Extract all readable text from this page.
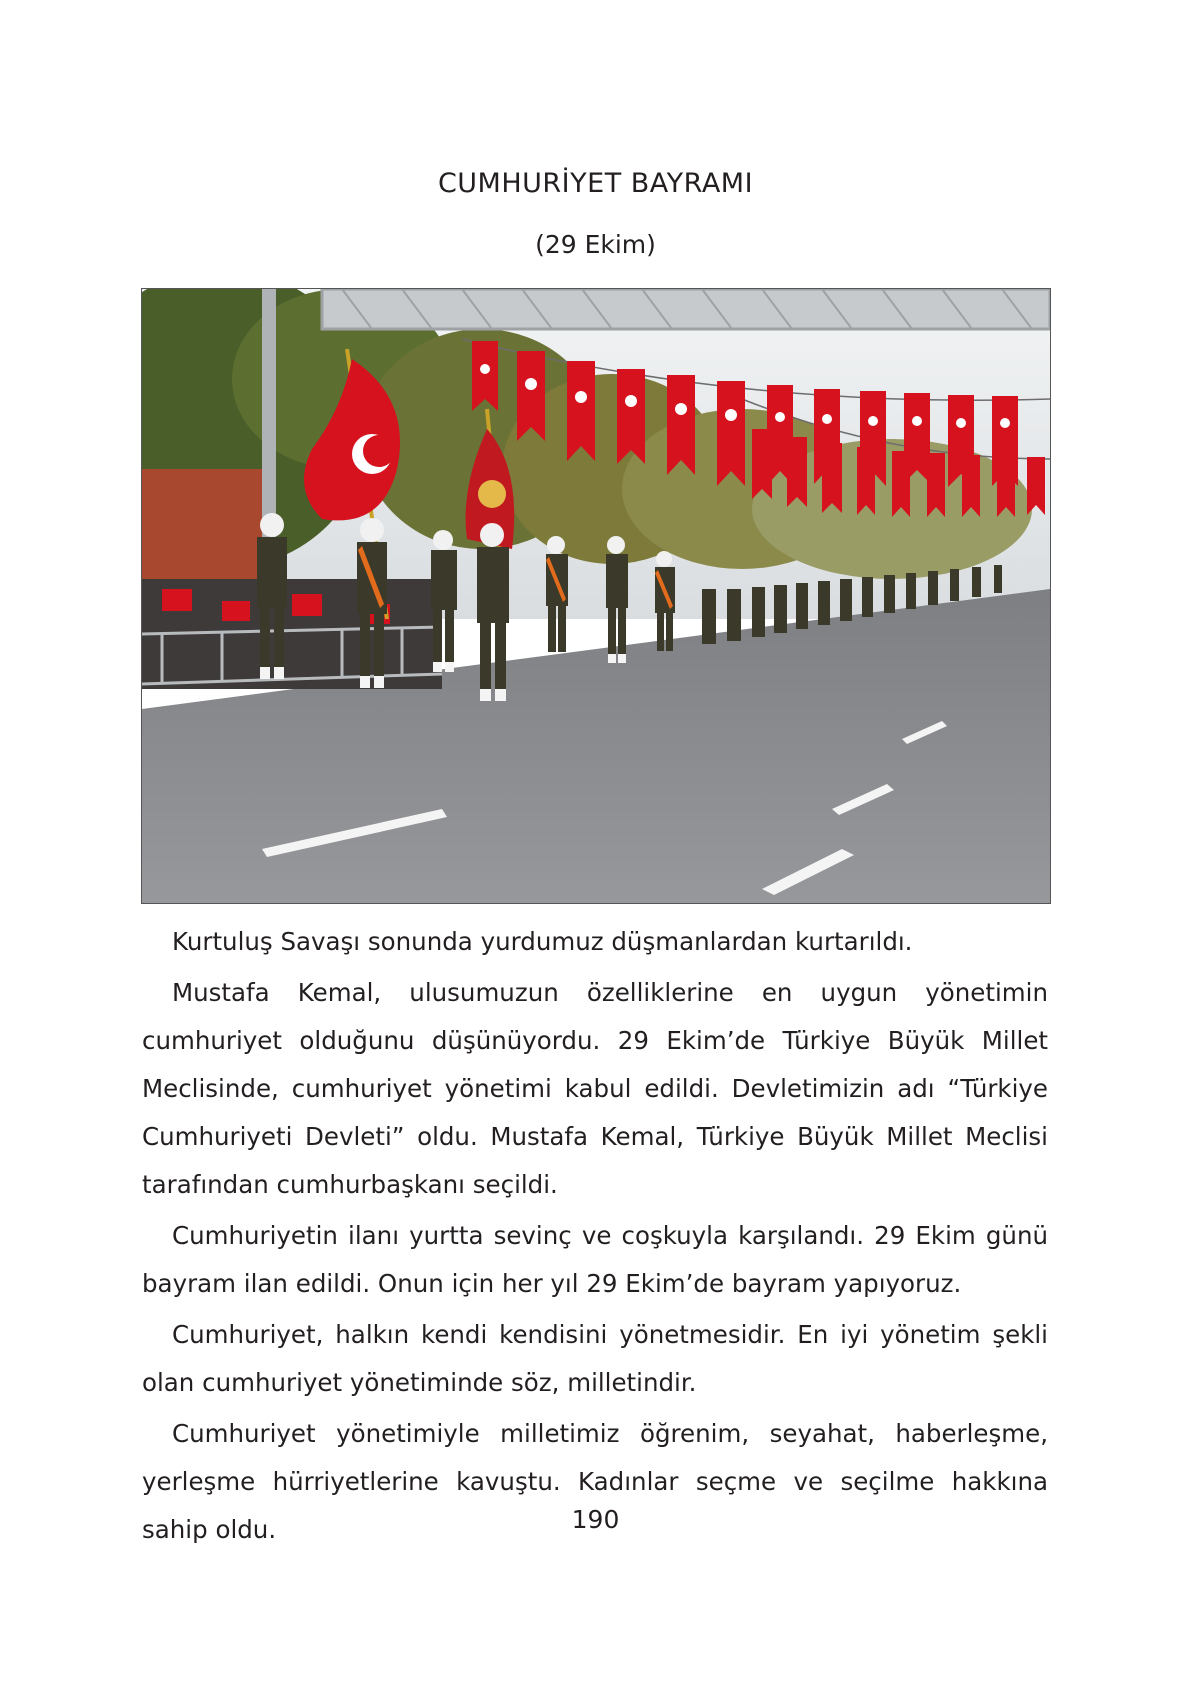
CUMHURİYET BAYRAMI
(29 Ekim)

Kurtuluş Savaşı sonunda yurdumuz düşmanlardan kurtarıldı.

Mustafa Kemal, ulusumuzun özelliklerine en uygun yönetimin cumhuriyet olduğunu düşünüyordu. 29 Ekim’de Türkiye Büyük Millet Meclisinde, cumhuriyet yönetimi kabul edildi. Devletimizin adı “Türkiye Cumhuriyeti Devleti” oldu. Mustafa Kemal, Türkiye Büyük Millet Meclisi tarafından cumhurbaşkanı seçildi.

Cumhuriyetin ilanı yurtta sevinç ve coşkuyla karşılandı. 29 Ekim günü bayram ilan edildi. Onun için her yıl 29 Ekim’de bayram yapıyoruz.

Cumhuriyet, halkın kendi kendisini yönetmesidir. En iyi yönetim şekli olan cumhuriyet yönetiminde söz, milletindir.

Cumhuriyet yönetimiyle milletimiz öğrenim, seyahat, haberleşme, yerleşme hürriyetlerine kavuştu. Kadınlar seçme ve seçilme hakkına sahip oldu.	190
